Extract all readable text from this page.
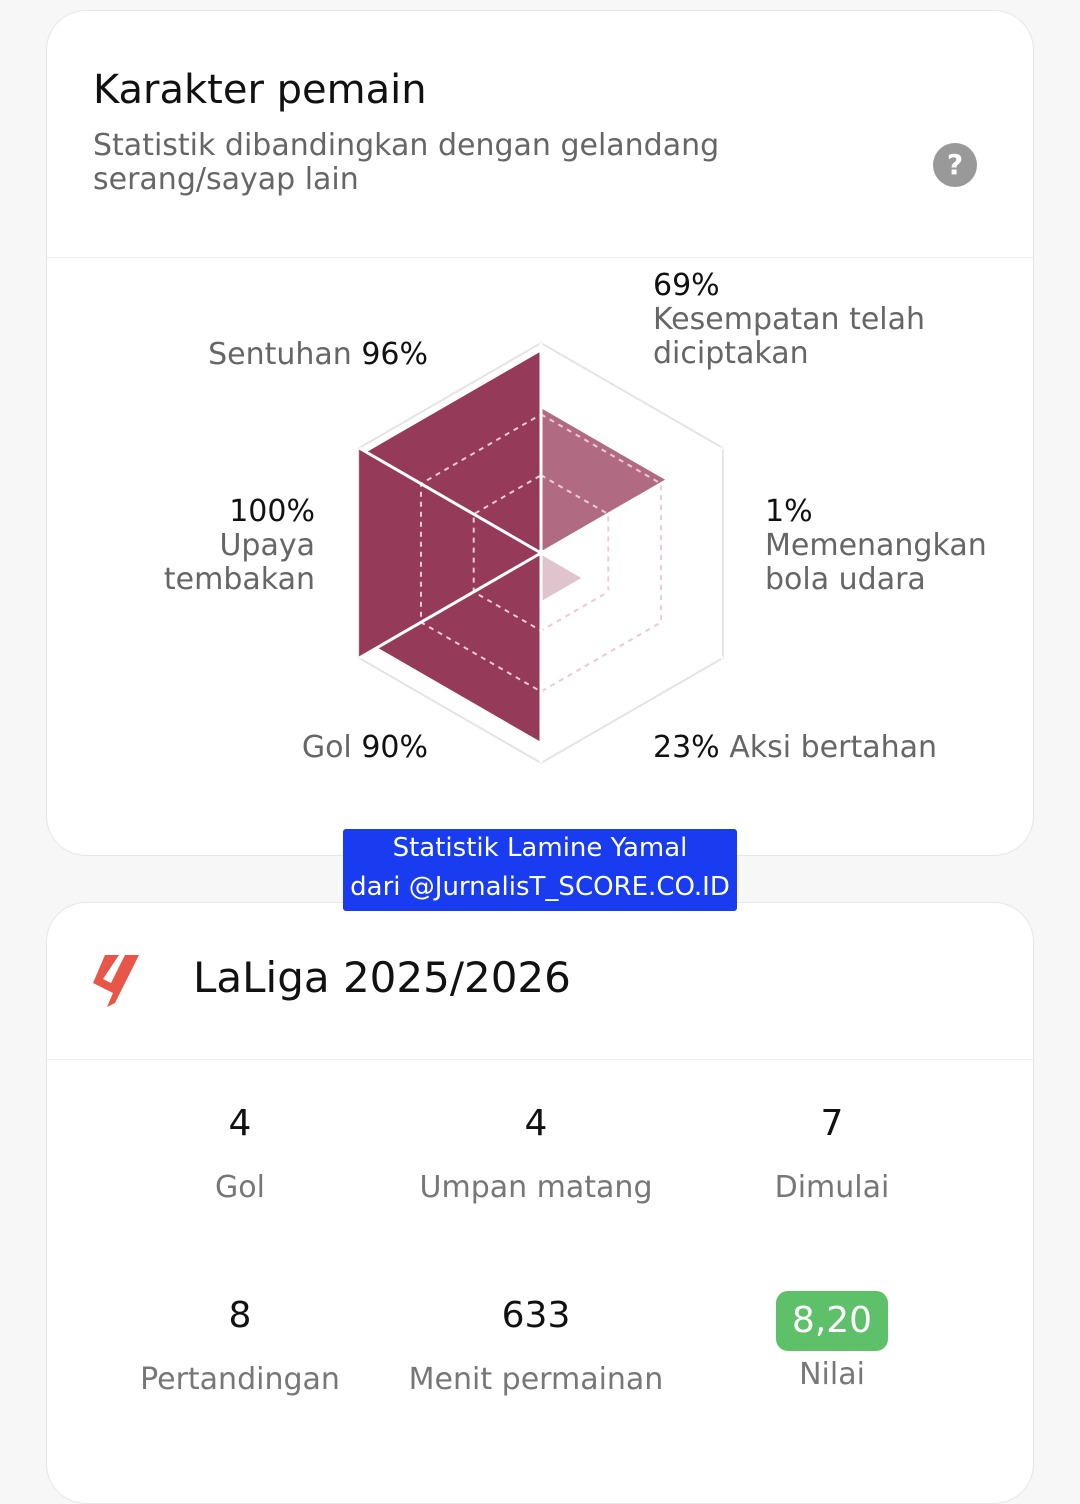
Karakter pemain
Statistik dibandingkan dengan gelandang serang/sayap lain	?
69%
Kesempatan telah diciptakan
1%
Memenangkan bola udara
23% Aksi bertahan
Gol 90%
100%
Upaya tembakan
Sentuhan 96%
Statistik Lamine Yamal
dari @JurnalisT_SCORE.CO.ID
LaLiga 2025/2026
4
Gol
4
Umpan matang
7
Dimulai
8
Pertandingan
633
Menit permainan
8,20
Nilai
